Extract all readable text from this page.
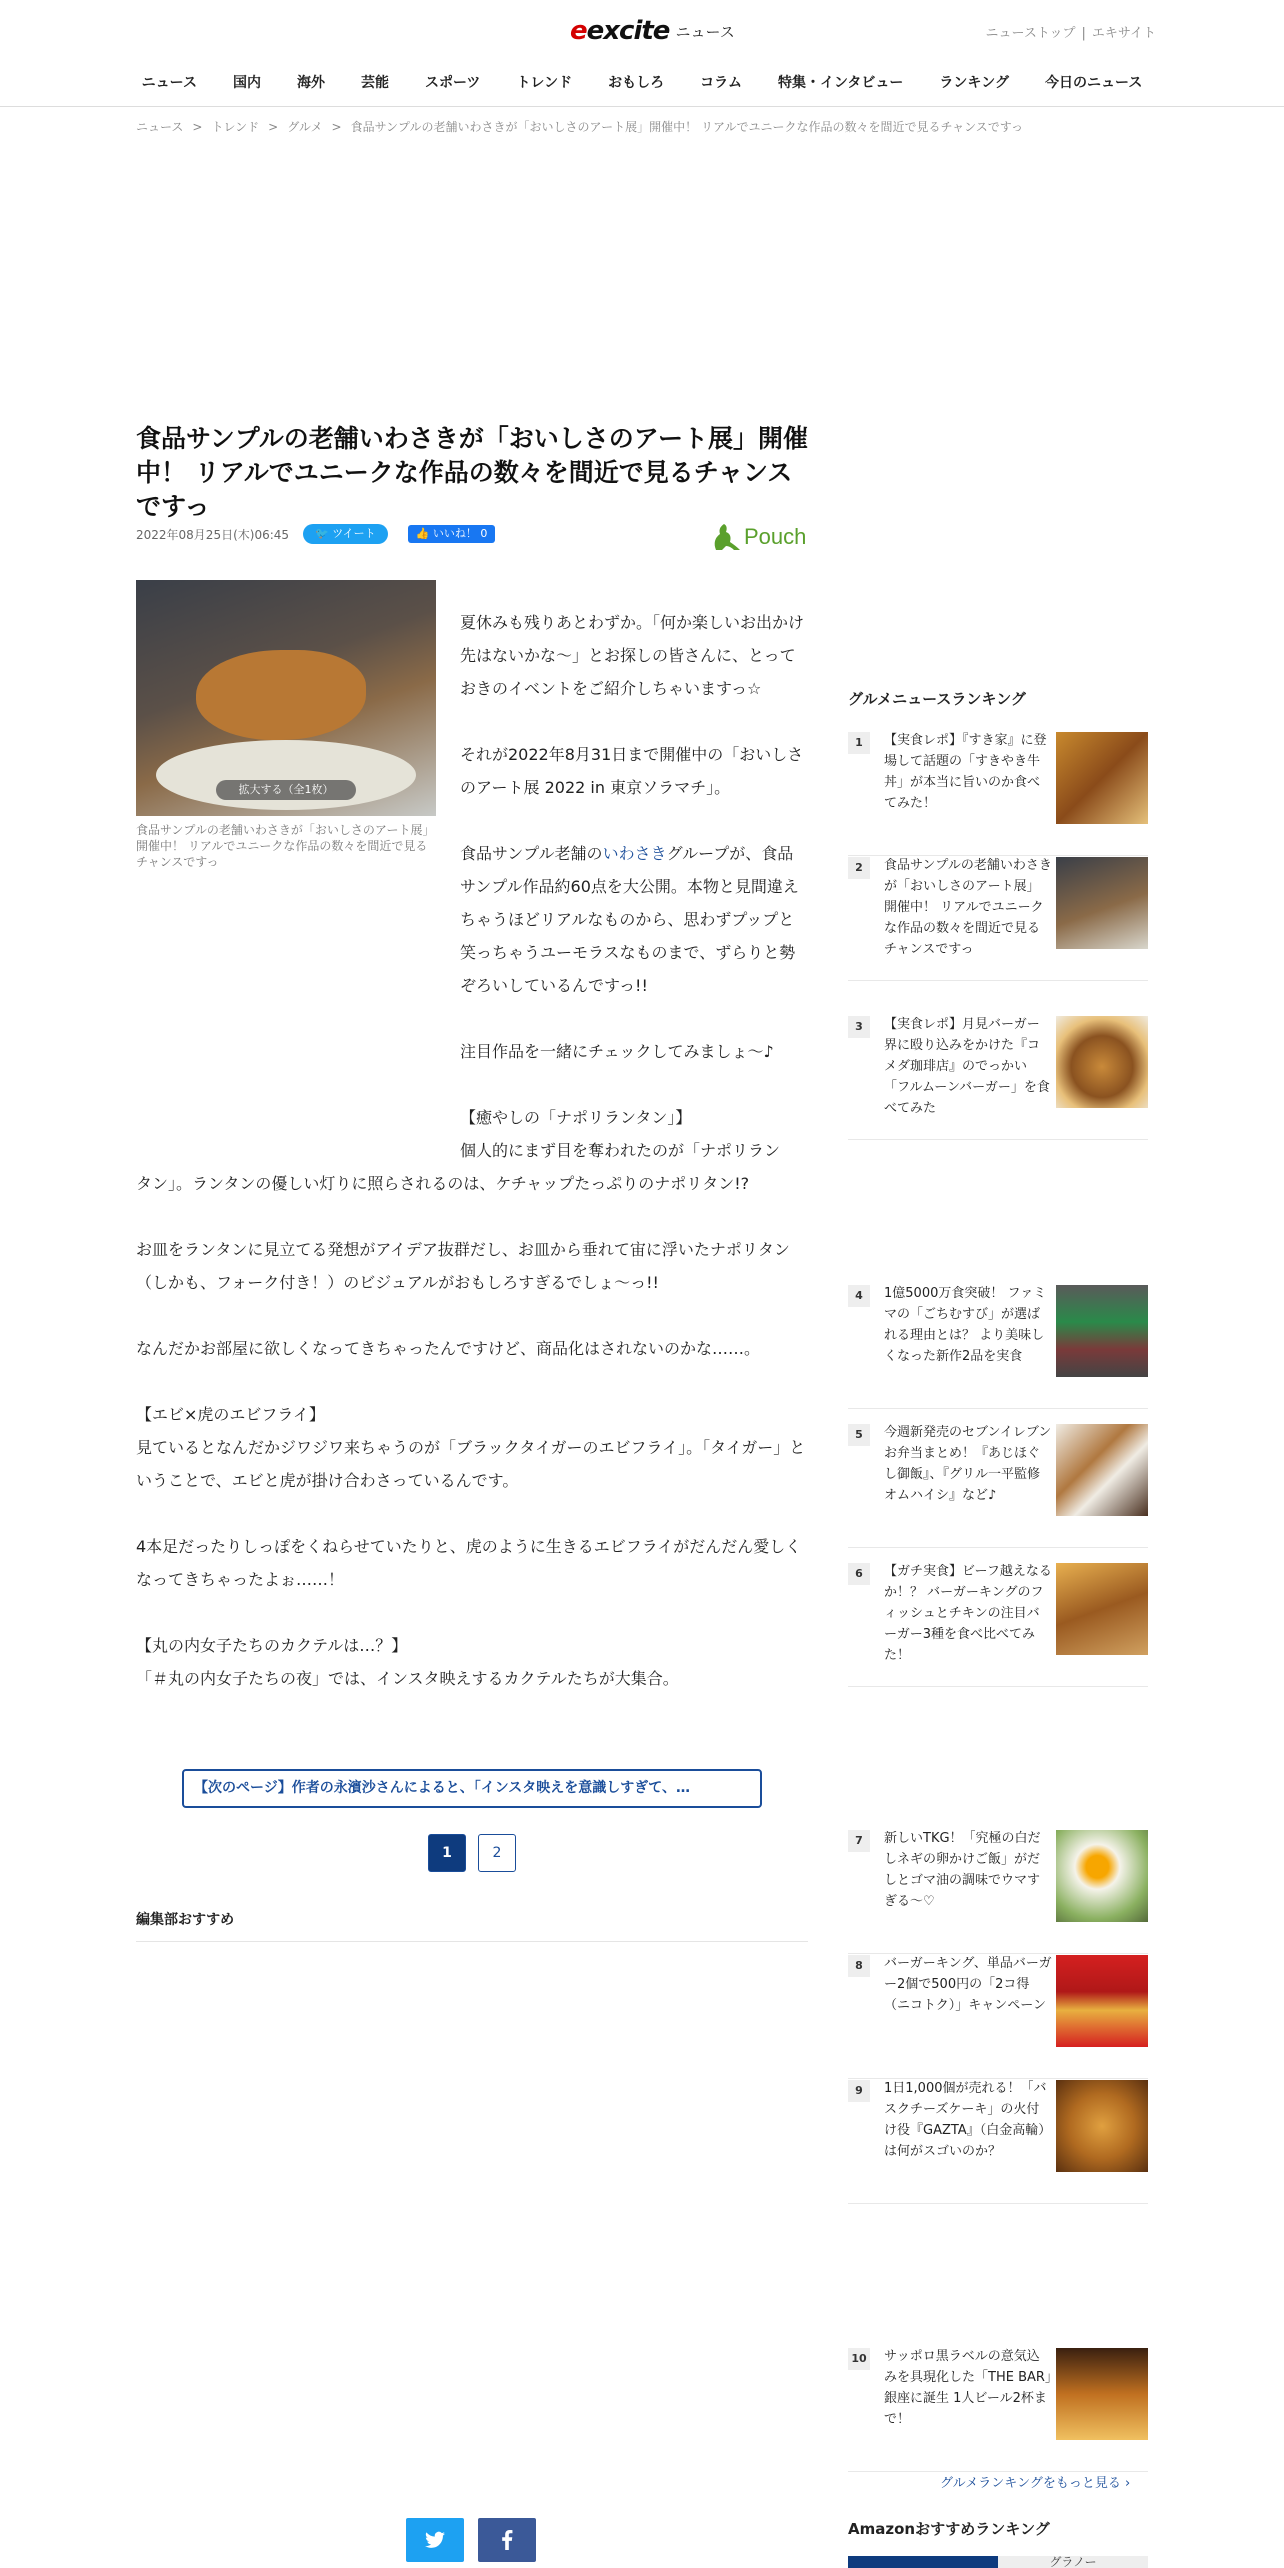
eexcite ニュース	ニューストップ | エキサイト
ニュース	国内	海外	芸能	スポーツ	トレンド	おもしろ	コラム	特集・インタビュー	ランキング	今日のニュース
ニュース > トレンド > グルメ > 食品サンプルの老舗いわさきが「おいしさのアート展」開催中！ リアルでユニークな作品の数々を間近で見るチャンスですっ
食品サンプルの老舗いわさきが「おいしさのアート展」開催中！ リアルでユニークな作品の数々を間近で見るチャンスですっ
2022年08月25日(木)06:45	🐦 ツイート	👍 いいね！ 0	Pouch
拡大する（全1枚）
食品サンプルの老舗いわさきが「おいしさのアート展」開催中！ リアルでユニークな作品の数々を間近で見るチャンスですっ

夏休みも残りあとわずか。「何か楽しいお出かけ先はないかな～」とお探しの皆さんに、とっておきのイベントをご紹介しちゃいますっ☆

それが2022年8月31日まで開催中の「おいしさのアート展 2022 in 東京ソラマチ」。

食品サンプル老舗のいわさきグループが、食品サンプル作品約60点を大公開。本物と見間違えちゃうほどリアルなものから、思わずプップと笑っちゃうユーモラスなものまで、ずらりと勢ぞろいしているんですっ!!

注目作品を一緒にチェックしてみましょ～♪

【癒やしの「ナポリランタン」】

個人的にまず目を奪われたのが「ナポリラン
タン」。ランタンの優しい灯りに照らされるのは、ケチャップたっぷりのナポリタン!?

お皿をランタンに見立てる発想がアイデア抜群だし、お皿から垂れて宙に浮いたナポリタン（しかも、フォーク付き！）のビジュアルがおもしろすぎるでしょ～っ!!

なんだかお部屋に欲しくなってきちゃったんですけど、商品化はされないのかな……。

【エビ×虎のエビフライ】

見ているとなんだかジワジワ来ちゃうのが「ブラックタイガーのエビフライ」。「タイガー」ということで、エビと虎が掛け合わさっているんです。

4本足だったりしっぽをくねらせていたりと、虎のように生きるエビフライがだんだん愛しくなってきちゃったよぉ……！

【丸の内女子たちのカクテルは…？】

「＃丸の内女子たちの夜」では、インスタ映えするカクテルたちが大集合。

【次のページ】作者の永濱沙さんによると、「インスタ映えを意識しすぎて、…
1	2
編集部おすすめ
グルメニュースランキング
1	【実食レポ】『すき家』に登場して話題の「すきやき牛丼」が本当に旨いのか食べてみた！
2	食品サンプルの老舗いわさきが「おいしさのアート展」開催中！ リアルでユニークな作品の数々を間近で見るチャンスですっ
3	【実食レポ】月見バーガー界に殴り込みをかけた『コメダ珈琲店』のでっかい「フルムーンバーガー」を食べてみた
4	1億5000万食突破！ ファミマの「ごちむすび」が選ばれる理由とは？ より美味しくなった新作2品を実食
5	今週新発売のセブンイレブンお弁当まとめ！『あじほぐし御飯』、『グリル一平監修　オムハイシ』など♪
6	【ガチ実食】ビーフ越えなるか！？ バーガーキングのフィッシュとチキンの注目バーガー3種を食べ比べてみた！
7	新しいTKG！「究極の白だしネギの卵かけご飯」がだしとゴマ油の調味でウマすぎる～♡
8	バーガーキング、単品バーガー2個で500円の「2コ得（ニコトク）」キャンペーン
9	1日1,000個が売れる！「バスクチーズケーキ」の火付け役『GAZTA』（白金高輪）は何がスゴいのか？
10 サッポロ黒ラベルの意気込みを具現化した「THE BAR」銀座に誕生 1人ビール2杯まで！
グルメランキングをもっと見る ›
Amazonおすすめランキング
グラノー
